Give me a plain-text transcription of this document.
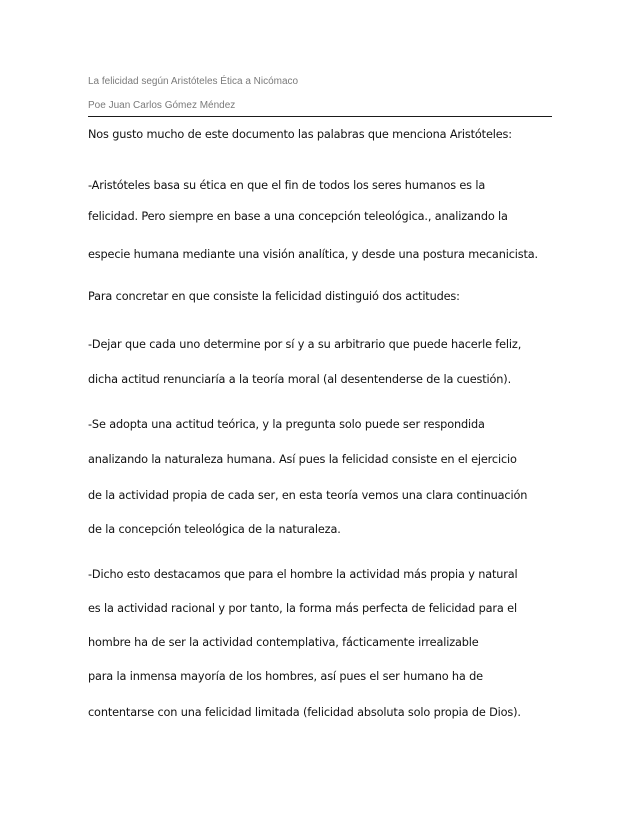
La felicidad según Aristóteles Ética a Nicómaco
Poe Juan Carlos Gómez Méndez
Nos gusto mucho de este documento las palabras que menciona Aristóteles:
-Aristóteles basa su ética en que el fin de todos los seres humanos es la
felicidad. Pero siempre en base a una concepción teleológica., analizando la
especie humana mediante una visión analítica, y desde una postura mecanicista.
Para concretar en que consiste la felicidad distinguió dos actitudes:
-Dejar que cada uno determine por sí y a su arbitrario que puede hacerle feliz,
dicha actitud renunciaría a la teoría moral (al desentenderse de la cuestión).
-Se adopta una actitud teórica, y la pregunta solo puede ser respondida
analizando la naturaleza humana. Así pues la felicidad consiste en el ejercicio
de la actividad propia de cada ser, en esta teoría vemos una clara continuación
de la concepción teleológica de la naturaleza.
-Dicho esto destacamos que para el hombre la actividad más propia y natural
es la actividad racional y por tanto, la forma más perfecta de felicidad para el
hombre ha de ser la actividad contemplativa, fácticamente irrealizable
para la inmensa mayoría de los hombres, así pues el ser humano ha de
contentarse con una felicidad limitada (felicidad absoluta solo propia de Dios).
